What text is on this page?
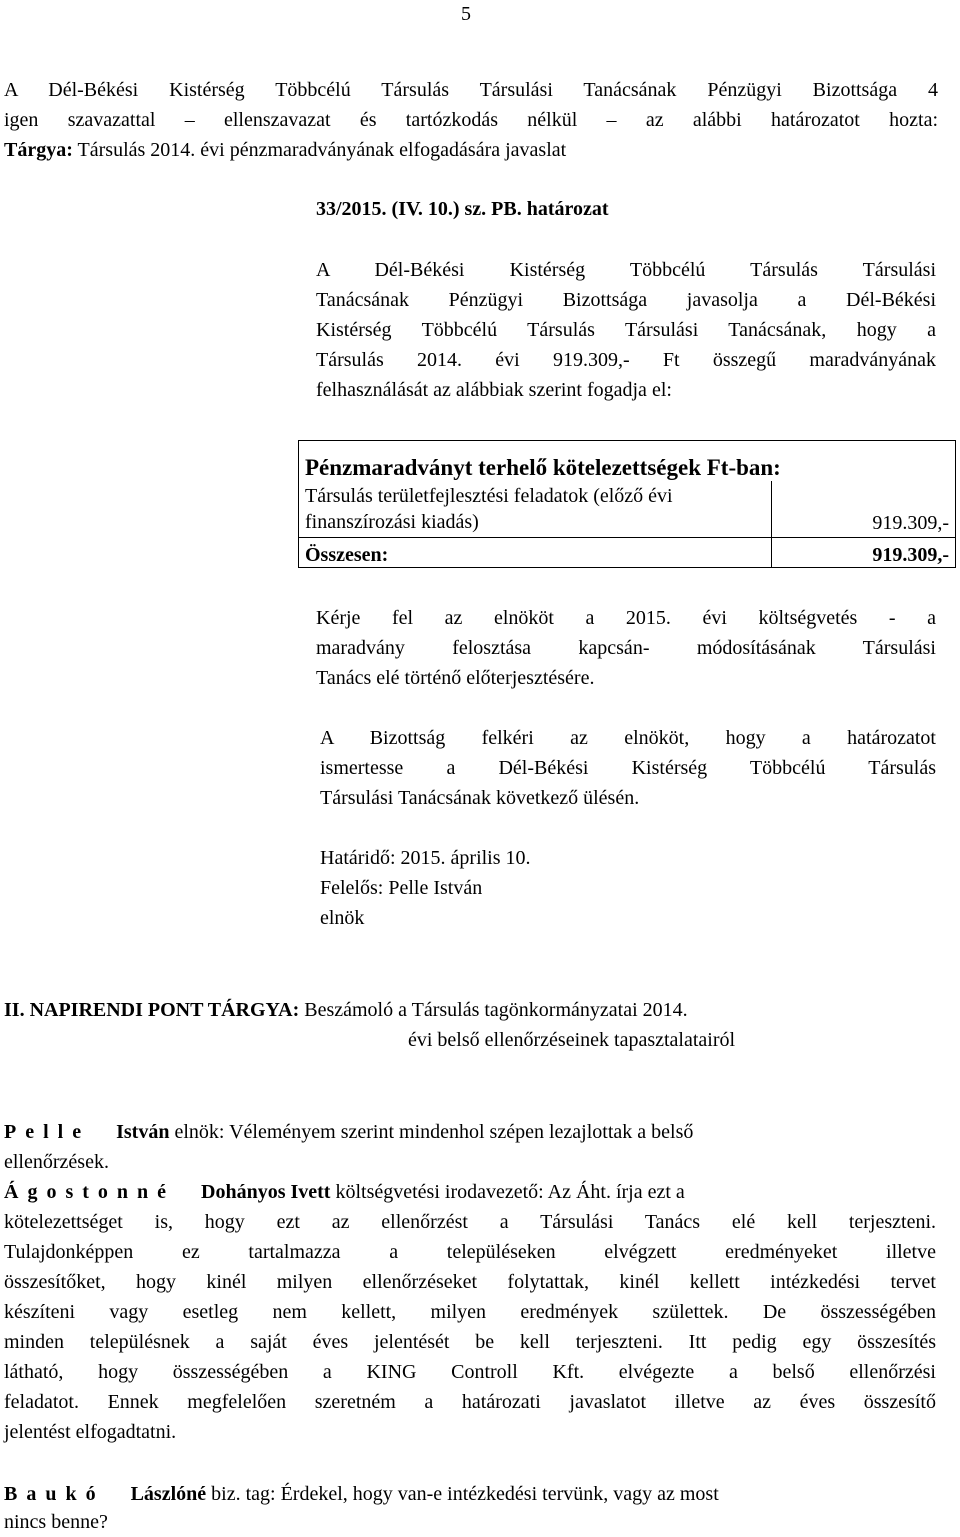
5
A Dél-Békési Kistérség Többcélú Társulás Társulási Tanácsának Pénzügyi Bizottsága 4
igen szavazattal – ellenszavazat és tartózkodás nélkül – az alábbi határozatot hozta:
Tárgya: Társulás 2014. évi pénzmaradványának elfogadására javaslat
33/2015. (IV. 10.) sz. PB. határozat
A Dél-Békési Kistérség Többcélú Társulás Társulási
Tanácsának Pénzügyi Bizottsága javasolja a Dél-Békési
Kistérség Többcélú Társulás Társulási Tanácsának, hogy a
Társulás 2014. évi 919.309,- Ft összegű maradványának
felhasználását az alábbiak szerint fogadja el:
Pénzmaradványt terhelő kötelezettségek Ft-ban:	
Társulás területfejlesztési feladatok (előző évi
finanszírozási kiadás)	919.309,-
Összesen:	919.309,-
Kérje fel az elnököt a 2015. évi költségvetés - a
maradvány felosztása kapcsán- módosításának Társulási
Tanács elé történő előterjesztésére.
A Bizottság felkéri az elnököt, hogy a határozatot
ismertesse a Dél-Békési Kistérség Többcélú Társulás
Társulási Tanácsának következő ülésén.
Határidő: 2015. április 10.
Felelős: Pelle István
elnök
II. NAPIRENDI PONT TÁRGYA: Beszámoló a Társulás tagönkormányzatai 2014.
évi belső ellenőrzéseinek tapasztalatairól
Pelle István elnök: Véleményem szerint mindenhol szépen lezajlottak a belső
ellenőrzések.
Ágostonné Dohányos Ivett költségvetési irodavezető: Az Áht. írja ezt a
kötelezettséget is, hogy ezt az ellenőrzést a Társulási Tanács elé kell terjeszteni.
Tulajdonképpen ez tartalmazza a településeken elvégzett eredményeket illetve
összesítőket, hogy kinél milyen ellenőrzéseket folytattak, kinél kellett intézkedési tervet
készíteni vagy esetleg nem kellett, milyen eredmények születtek. De összességében
minden településnek a saját éves jelentését be kell terjeszteni. Itt pedig egy összesítés
látható, hogy összességében a KING Controll Kft. elvégezte a belső ellenőrzési
feladatot. Ennek megfelelően szeretném a határozati javaslatot illetve az éves összesítő
jelentést elfogadtatni.
Baukó Lászlóné biz. tag: Érdekel, hogy van-e intézkedési tervünk, vagy az most
nincs benne?
